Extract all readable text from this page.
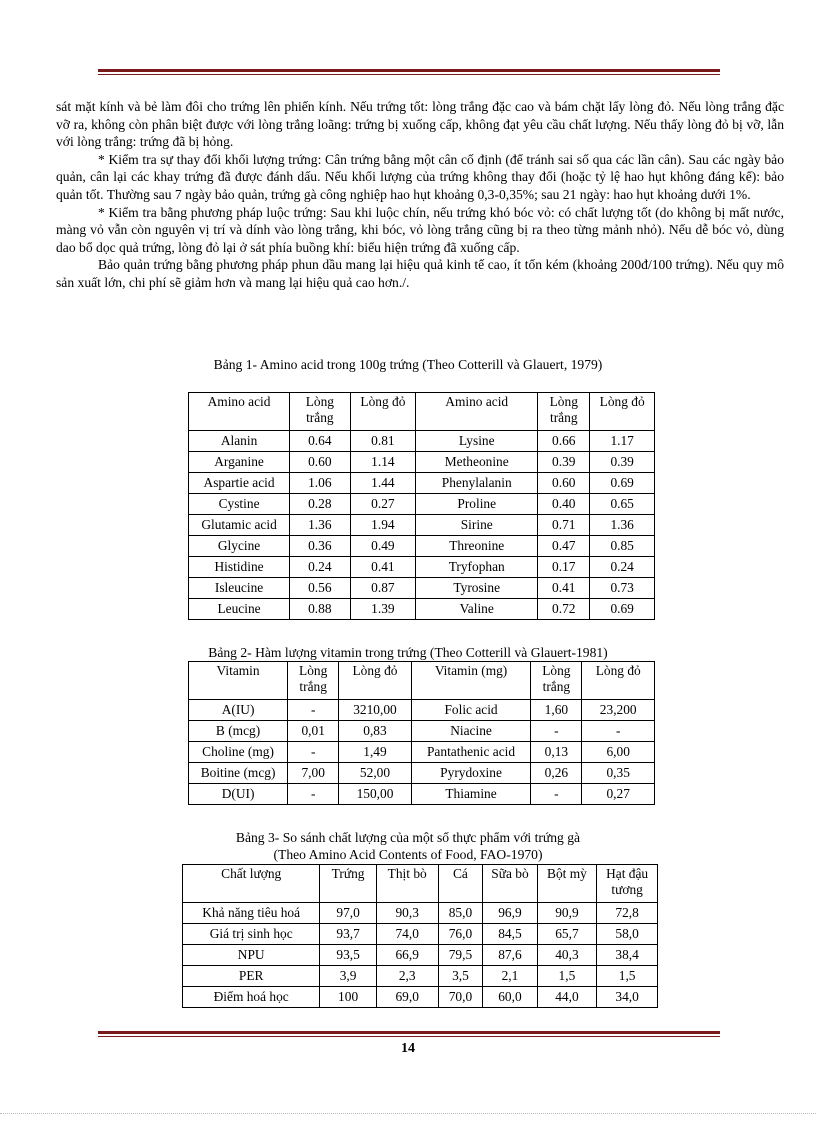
sát mặt kính và bẻ làm đôi cho trứng lên phiến kính. Nếu trứng tốt: lòng trắng đặc cao và bám chặt lấy lòng đỏ. Nếu lòng trắng đặc vỡ ra, không còn phân biệt được với lòng trắng loãng: trứng bị xuống cấp, không đạt yêu cầu chất lượng. Nếu thấy lòng đỏ bị vỡ, lẫn với lòng trắng: trứng đã bị hỏng.

* Kiểm tra sự thay đổi khối lượng trứng: Cân trứng bằng một cân cố định (để tránh sai số qua các lần cân). Sau các ngày bảo quản, cân lại các khay trứng đã được đánh dấu. Nếu khối lượng của trứng không thay đổi (hoặc tỷ lệ hao hụt không đáng kể): bảo quản tốt. Thường sau 7 ngày bảo quản, trứng gà công nghiệp hao hụt khoảng 0,3-0,35%; sau 21 ngày: hao hụt khoảng dưới 1%.

* Kiểm tra bằng phương pháp luộc trứng: Sau khi luộc chín, nếu trứng khó bóc vỏ: có chất lượng tốt (do không bị mất nước, màng vỏ vẫn còn nguyên vị trí và dính vào lòng trắng, khi bóc, vỏ lòng trắng cũng bị ra theo từng mảnh nhỏ). Nếu dễ bóc vỏ, dùng dao bổ dọc quả trứng, lòng đỏ lại ở sát phía buồng khí: biểu hiện trứng đã xuống cấp.

Bảo quản trứng bằng phương pháp phun dầu mang lại hiệu quả kinh tế cao, ít tốn kém (khoảng 200đ/100 trứng). Nếu quy mô sản xuất lớn, chi phí sẽ giảm hơn và mang lại hiệu quả cao hơn./.

Bảng 1- Amino acid trong 100g trứng (Theo Cotterill và Glauert, 1979)
Amino acid	Lòng trắng	Lòng đỏ	Amino acid	Lòng trắng	Lòng đỏ
Alanin	0.64	0.81	Lysine	0.66	1.17
Arganine	0.60	1.14	Metheonine	0.39	0.39
Aspartie acid	1.06	1.44	Phenylalanin	0.60	0.69
Cystine	0.28	0.27	Proline	0.40	0.65
Glutamic acid	1.36	1.94	Sirine	0.71	1.36
Glycine	0.36	0.49	Threonine	0.47	0.85
Histidine	0.24	0.41	Tryfophan	0.17	0.24
Isleucine	0.56	0.87	Tyrosine	0.41	0.73
Leucine	0.88	1.39	Valine	0.72	0.69
Bảng 2- Hàm lượng vitamin trong trứng (Theo Cotterill và Glauert-1981)
Vitamin	Lòng trắng	Lòng đỏ	Vitamin (mg)	Lòng trắng	Lòng đỏ
A(IU)	-	3210,00	Folic acid	1,60	23,200
B (mcg)	0,01	0,83	Niacine	-	-
Choline (mg)	-	1,49	Pantathenic acid	0,13	6,00
Boitine (mcg)	7,00	52,00	Pyrydoxine	0,26	0,35
D(UI)	-	150,00	Thiamine	-	0,27
Bảng 3- So sánh chất lượng của một số thực phẩm với trứng gà
(Theo Amino Acid Contents of Food, FAO-1970)
Chất lượng	Trứng	Thịt bò	Cá	Sữa bò	Bột mỳ	Hạt đậu tương
Khả năng tiêu hoá	97,0	90,3	85,0	96,9	90,9	72,8
Giá trị sinh học	93,7	74,0	76,0	84,5	65,7	58,0
NPU	93,5	66,9	79,5	87,6	40,3	38,4
PER	3,9	2,3	3,5	2,1	1,5	1,5
Điểm hoá học	100	69,0	70,0	60,0	44,0	34,0
14
